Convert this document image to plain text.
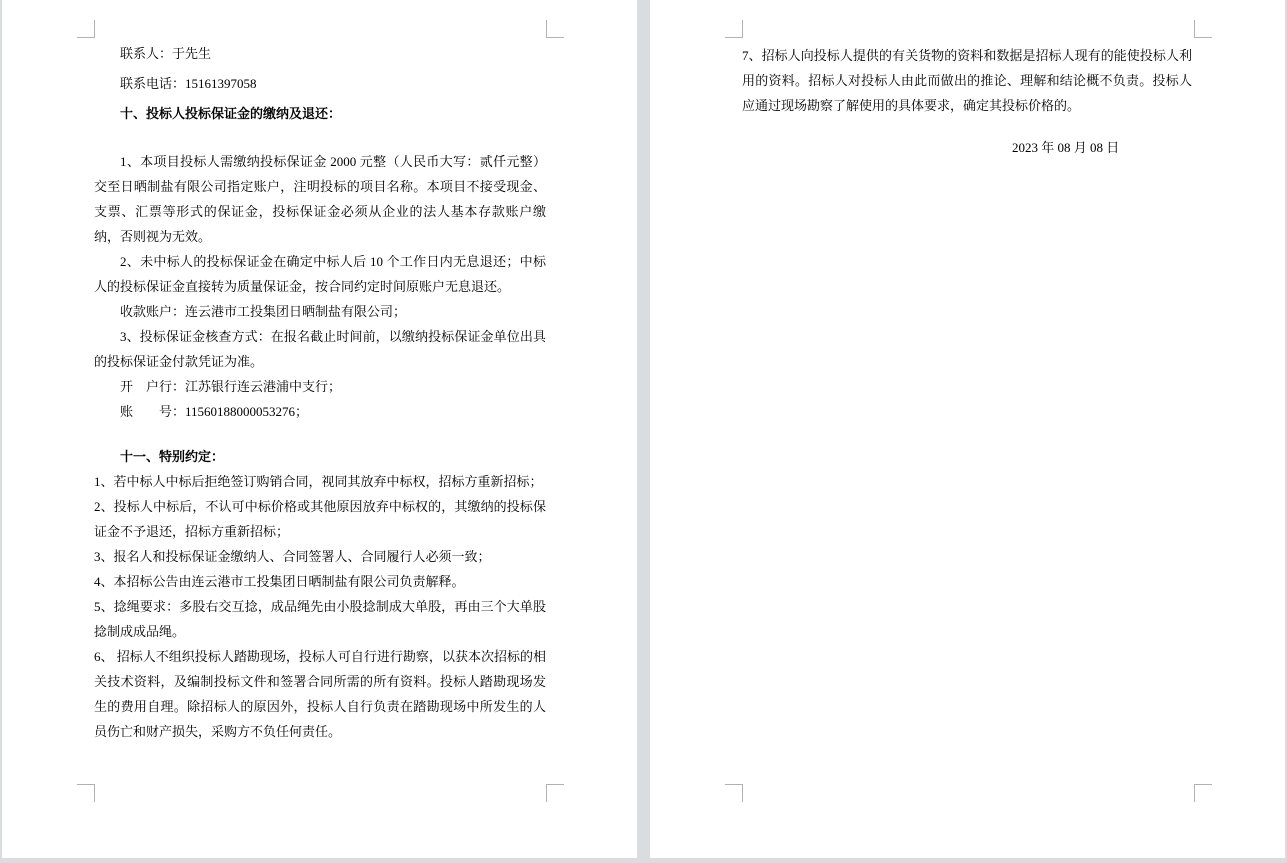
联系人：于先生

联系电话：15161397058

十、投标人投标保证金的缴纳及退还：

1、本项目投标人需缴纳投标保证金 2000 元整（人民币大写：贰仟元整）交至日晒制盐有限公司指定账户，注明投标的项目名称。本项目不接受现金、支票、汇票等形式的保证金，投标保证金必须从企业的法人基本存款账户缴纳，否则视为无效。

2、未中标人的投标保证金在确定中标人后 10 个工作日内无息退还；中标人的投标保证金直接转为质量保证金，按合同约定时间原账户无息退还。

收款账户：连云港市工投集团日晒制盐有限公司；

3、投标保证金核查方式：在报名截止时间前，以缴纳投标保证金单位出具的投标保证金付款凭证为准。

开　户行：江苏银行连云港浦中支行；

账　　号：11560188000053276；

十一、特别约定：

1、若中标人中标后拒绝签订购销合同，视同其放弃中标权，招标方重新招标；

2、投标人中标后，不认可中标价格或其他原因放弃中标权的，其缴纳的投标保证金不予退还，招标方重新招标；

3、报名人和投标保证金缴纳人、合同签署人、合同履行人必须一致；

4、本招标公告由连云港市工投集团日晒制盐有限公司负责解释。

5、捻绳要求：多股右交互捻，成品绳先由小股捻制成大单股，再由三个大单股捻制成成品绳。

6、 招标人不组织投标人踏勘现场，投标人可自行进行勘察，以获本次招标的相关技术资料，及编制投标文件和签署合同所需的所有资料。投标人踏勘现场发生的费用自理。除招标人的原因外，投标人自行负责在踏勘现场中所发生的人员伤亡和财产损失，采购方不负任何责任。

7、招标人向投标人提供的有关货物的资料和数据是招标人现有的能使投标人利用的资料。招标人对投标人由此而做出的推论、理解和结论概不负责。投标人应通过现场勘察了解使用的具体要求，确定其投标价格的。

2023 年 08 月 08 日
